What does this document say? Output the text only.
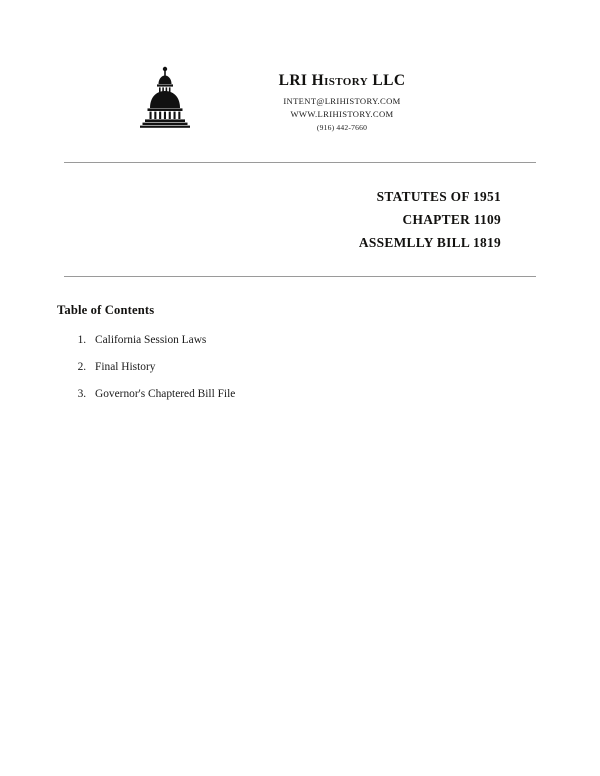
LRI History LLC
INTENT@LRIHISTORY.COM
WWW.LRIHISTORY.COM
(916) 442-7660
STATUTES OF 1951
CHAPTER 1109
ASSEMLLY BILL 1819
Table of Contents
1. California Session Laws
2. Final History
3. Governor's Chaptered Bill File
